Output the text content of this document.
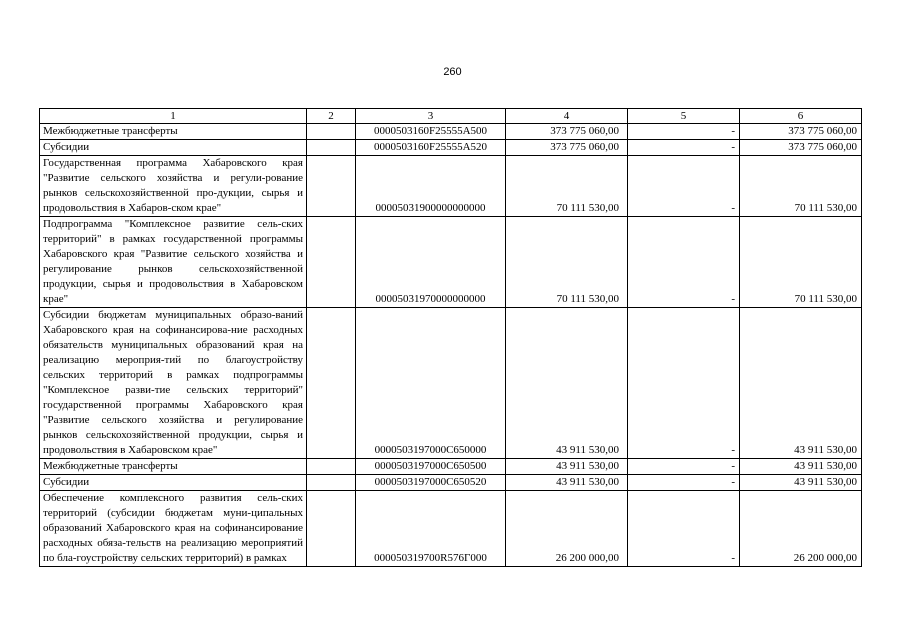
260
1	2	3	4	5	6
Межбюджетные трансферты		0000503160F25555A500	373 775 060,00	-	373 775 060,00
Субсидии		0000503160F25555A520	373 775 060,00	-	373 775 060,00
Государственная программа Хабаровского края "Развитие сельского хозяйства и регули-рование рынков сельскохозяйственной про-дукции, сырья и продовольствия в Хабаров-ском крае"		00005031900000000000	70 111 530,00	-	70 111 530,00
Подпрограмма "Комплексное развитие сель-ских территорий" в рамках государственной программы Хабаровского края "Развитие сельского хозяйства и регулирование рынков сельскохозяйственной продукции, сырья и продовольствия в Хабаровском крае"		00005031970000000000	70 111 530,00	-	70 111 530,00
Субсидии бюджетам муниципальных образо-ваний Хабаровского края на софинансирова-ние расходных обязательств муниципальных образований края на реализацию мероприя-тий по благоустройству сельских территорий в рамках подпрограммы "Комплексное разви-тие сельских территорий" государственной программы Хабаровского края "Развитие сельского хозяйства и регулирование рынков сельскохозяйственной продукции, сырья и продовольствия в Хабаровском крае"		0000503197000С650000	43 911 530,00	-	43 911 530,00
Межбюджетные трансферты		0000503197000С650500	43 911 530,00	-	43 911 530,00
Субсидии		0000503197000С650520	43 911 530,00	-	43 911 530,00
Обеспечение комплексного развития сель-ских территорий (субсидии бюджетам муни-ципальных образований Хабаровского края на софинансирование расходных обяза-тельств на реализацию мероприятий по бла-гоустройству сельских территорий) в рамках		000050319700R576Г000	26 200 000,00	-	26 200 000,00
